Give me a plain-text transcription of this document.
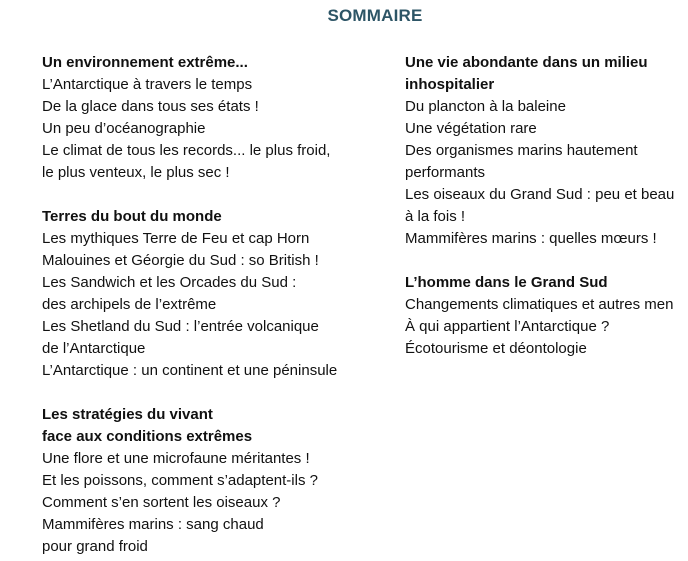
SOMMAIRE
Un environnement extrême...
L’Antarctique à travers le temps
De la glace dans tous ses états !
Un peu d’océanographie
Le climat de tous les records... le plus froid,
le plus venteux, le plus sec !
Terres du bout du monde
Les mythiques Terre de Feu et cap Horn
Malouines et Géorgie du Sud : so British !
Les Sandwich et les Orcades du Sud :
des archipels de l’extrême
Les Shetland du Sud : l’entrée volcanique
de l’Antarctique
L’Antarctique : un continent et une péninsule
Les stratégies du vivant
face aux conditions extrêmes
Une flore et une microfaune méritantes !
Et les poissons, comment s’adaptent-ils ?
Comment s’en sortent les oiseaux ?
Mammifères marins : sang chaud
pour grand froid
Une vie abondante dans un milieu
inhospitalier
Du plancton à la baleine
Une végétation rare
Des organismes marins hautement
performants
Les oiseaux du Grand Sud : peu et beau
à la fois !
Mammifères marins : quelles mœurs !
L’homme dans le Grand Sud
Changements climatiques et autres men
À qui appartient l’Antarctique ?
Écotourisme et déontologie
